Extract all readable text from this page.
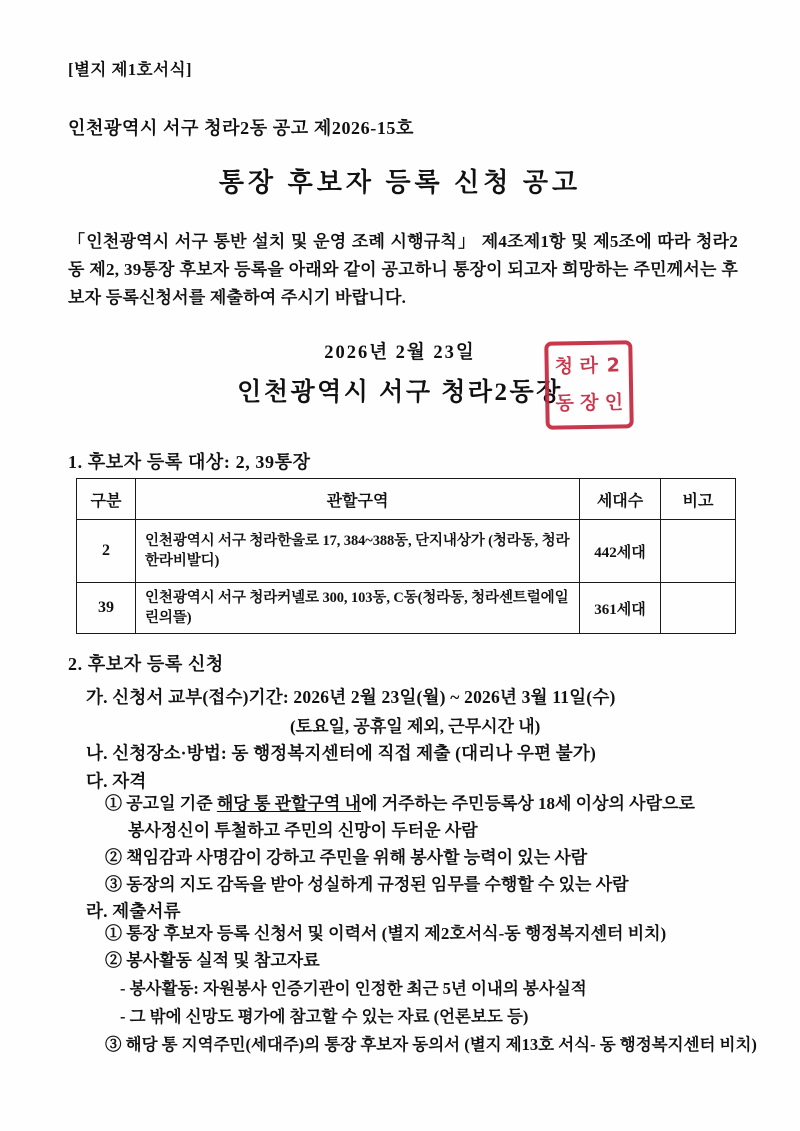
[별지 제1호서식]
인천광역시 서구 청라2동 공고 제2026-15호
통장 후보자 등록 신청 공고
「인천광역시 서구 통반 설치 및 운영 조례 시행규칙」 제4조제1항 및 제5조에 따라 청라2동 제2, 39통장 후보자 등록을 아래와 같이 공고하니 통장이 되고자 희망하는 주민께서는 후보자 등록신청서를 제출하여 주시기 바랍니다.
2026년 2월 23일
인천광역시 서구 청라2동장
청 라 2
동 장 인
1. 후보자 등록 대상: 2, 39통장
구분	관할구역	세대수	비고
2	인천광역시 서구 청라한울로 17, 384~388동, 단지내상가 (청라동, 청라한라비발디)	442세대	
39	인천광역시 서구 청라커넬로 300, 103동, C동(청라동, 청라센트럴에일린의뜰)	361세대	
2. 후보자 등록 신청
가. 신청서 교부(접수)기간: 2026년 2월 23일(월) ~ 2026년 3월 11일(수)
(토요일, 공휴일 제외, 근무시간 내)
나. 신청장소·방법: 동 행정복지센터에 직접 제출 (대리나 우편 불가)
다. 자격
① 공고일 기준 해당 통 관할구역 내에 거주하는 주민등록상 18세 이상의 사람으로
봉사정신이 투철하고 주민의 신망이 두터운 사람
② 책임감과 사명감이 강하고 주민을 위해 봉사할 능력이 있는 사람
③ 동장의 지도 감독을 받아 성실하게 규정된 임무를 수행할 수 있는 사람
라. 제출서류
① 통장 후보자 등록 신청서 및 이력서 (별지 제2호서식-동 행정복지센터 비치)
② 봉사활동 실적 및 참고자료
- 봉사활동: 자원봉사 인증기관이 인정한 최근 5년 이내의 봉사실적
- 그 밖에 신망도 평가에 참고할 수 있는 자료 (언론보도 등)
③ 해당 통 지역주민(세대주)의 통장 후보자 동의서 (별지 제13호 서식- 동 행정복지센터 비치)
